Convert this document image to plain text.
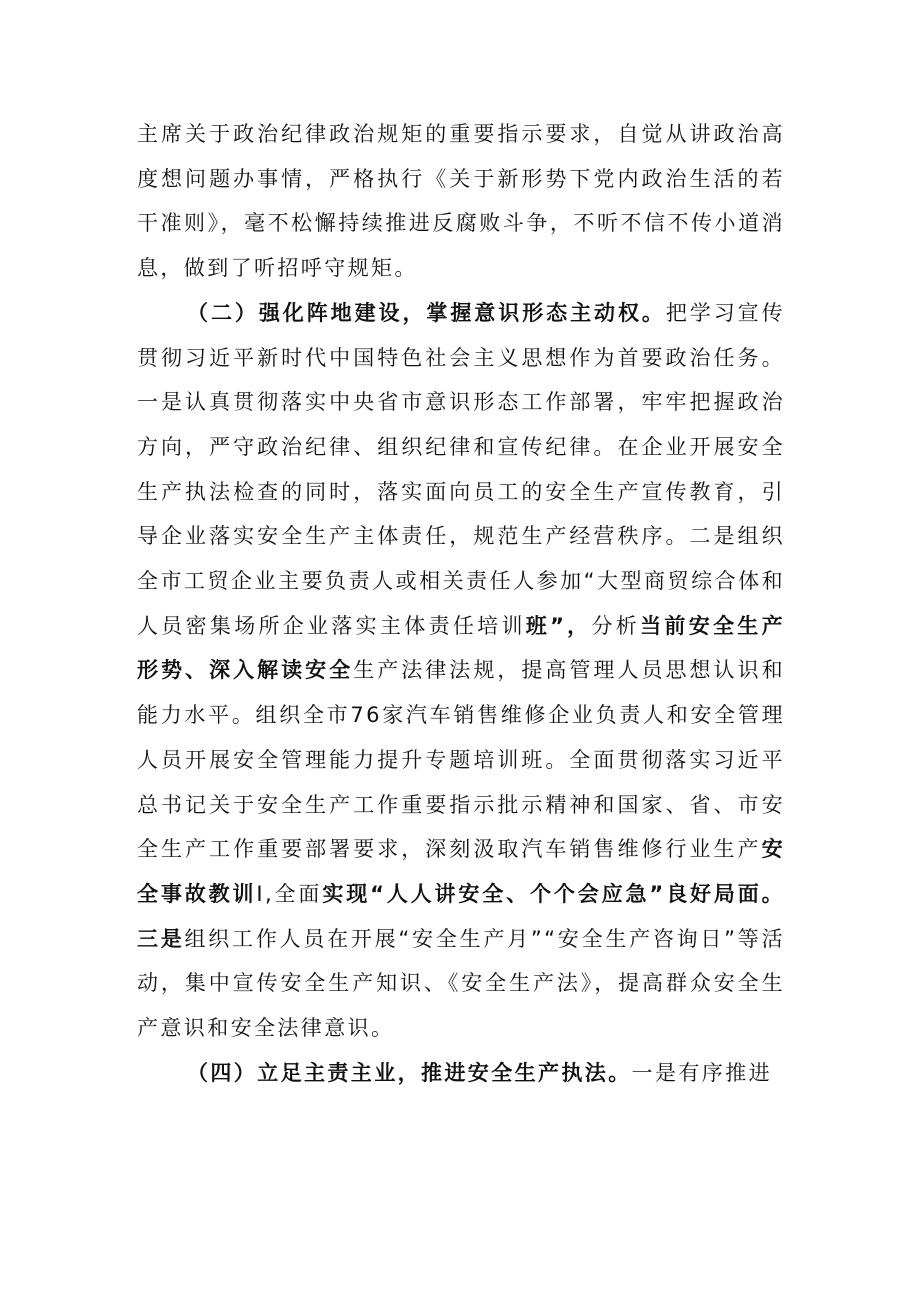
主席关于政治纪律政治规矩的重要指示要求，自觉从讲政治高度想问题办事情，严格执行《关于新形势下党内政治生活的若干准则》，毫不松懈持续推进反腐败斗争，不听不信不传小道消息，做到了听招呼守规矩。

（二）强化阵地建设，掌握意识形态主动权。把学习宣传贯彻习近平新时代中国特色社会主义思想作为首要政治任务。一是认真贯彻落实中央省市意识形态工作部署，牢牢把握政治方向，严守政治纪律、组织纪律和宣传纪律。在企业开展安全生产执法检查的同时，落实面向员工的安全生产宣传教育，引导企业落实安全生产主体责任，规范生产经营秩序。二是组织全市工贸企业主要负责人或相关责任人参加“大型商贸综合体和人员密集场所企业落实主体责任培训班”，分析当前安全生产形势、深入解读安全生产法律法规，提高管理人员思想认识和能力水平。组织全市76家汽车销售维修企业负责人和安全管理人员开展安全管理能力提升专题培训班。全面贯彻落实习近平总书记关于安全生产工作重要指示批示精神和国家、省、市安全生产工作重要部署要求，深刻汲取汽车销售维修行业生产安全事故教训I,全面实现“人人讲安全、个个会应急”良好局面。三是组织工作人员在开展“安全生产月”“安全生产咨询日”等活动，集中宣传安全生产知识、《安全生产法》，提高群众安全生产意识和安全法律意识。

（四）立足主责主业，推进安全生产执法。一是有序推进
